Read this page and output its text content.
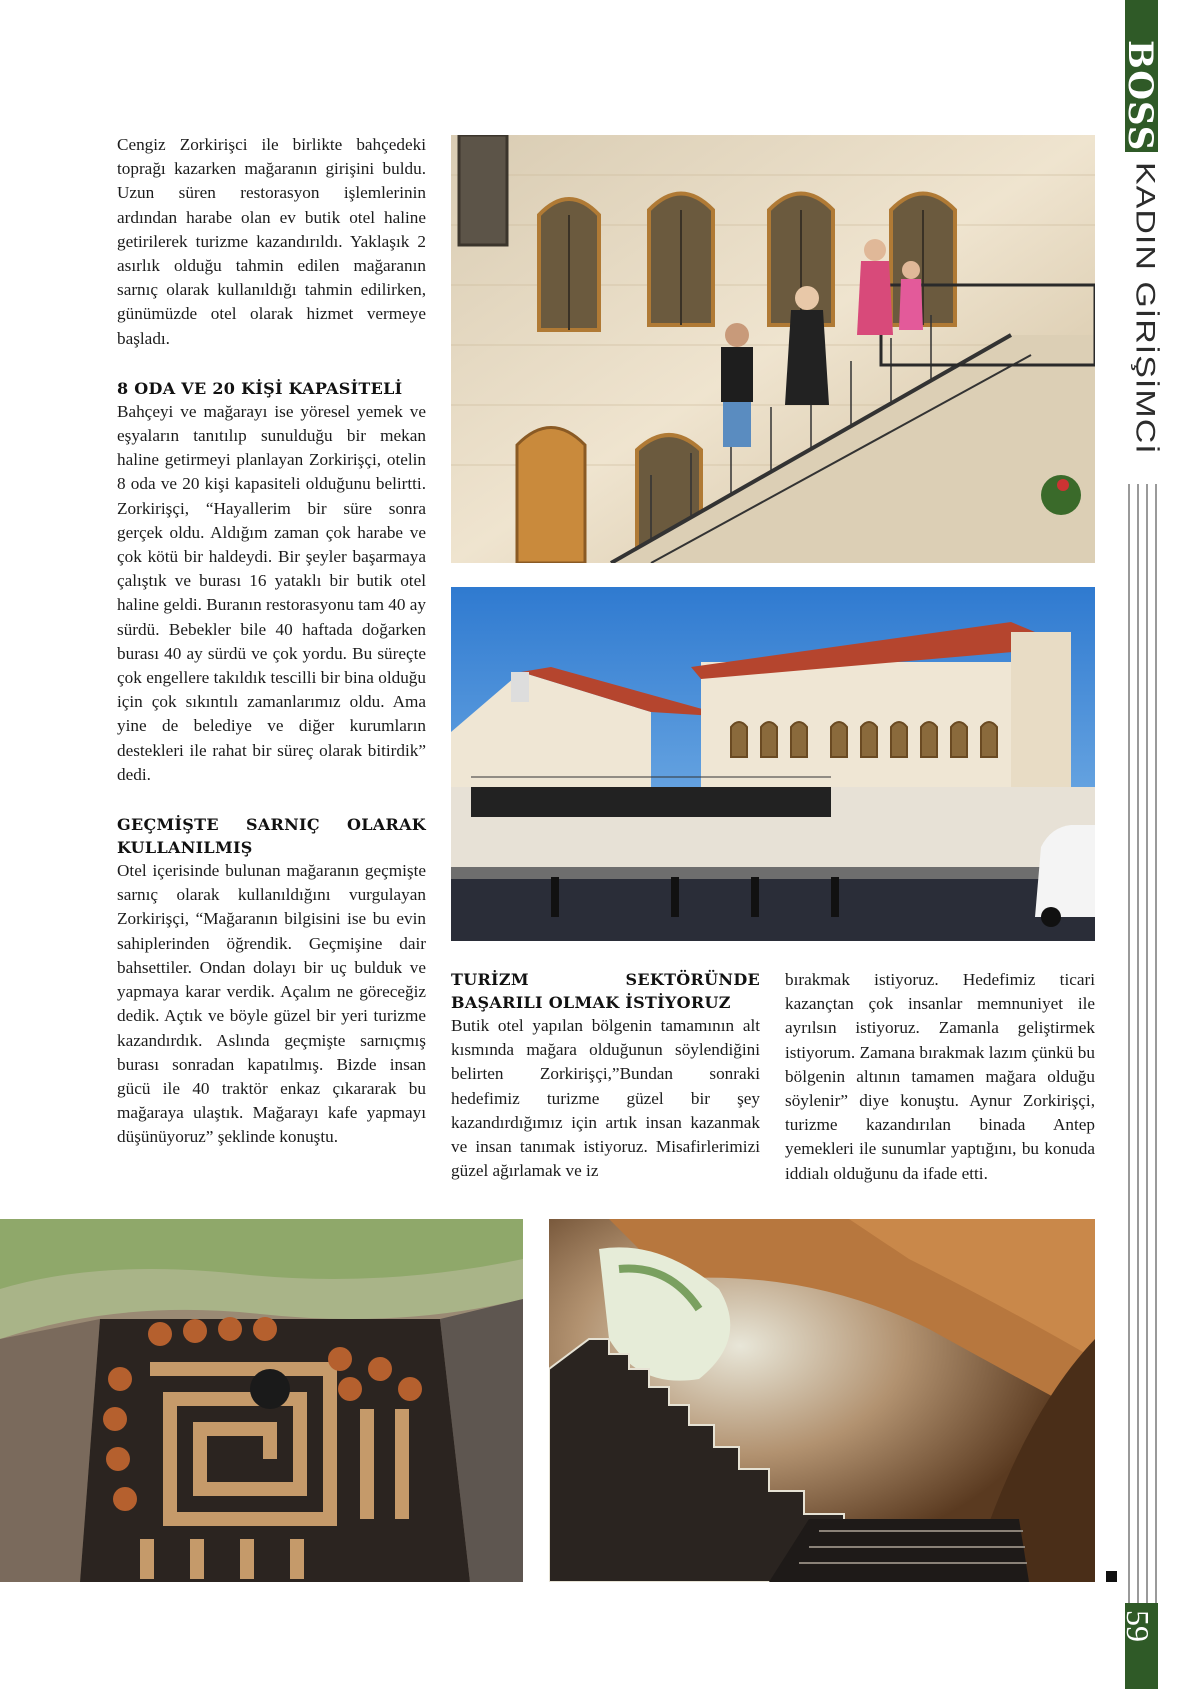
Cengiz Zorkirişci ile birlikte bahçedeki toprağı kazarken mağaranın girişini buldu. Uzun süren restorasyon işlemlerinin ardından harabe olan ev butik otel haline getirilerek turizme kazandırıldı. Yaklaşık 2 asırlık olduğu tahmin edilen mağaranın sarnıç olarak kullanıldığı tahmin edilirken, günümüzde otel olarak hizmet vermeye başladı.

8 ODA VE 20 KİŞİ KAPASİTELİ

Bahçeyi ve mağarayı ise yöresel yemek ve eşyaların tanıtılıp sunulduğu bir mekan haline getirmeyi planlayan Zorkirişçi, otelin 8 oda ve 20 kişi kapasiteli olduğunu belirtti. Zorkirişçi, “Hayallerim bir süre sonra gerçek oldu. Aldığım zaman çok harabe ve çok kötü bir haldeydi. Bir şeyler başarmaya çalıştık ve burası 16 yataklı bir butik otel haline geldi. Buranın restorasyonu tam 40 ay sürdü. Bebekler bile 40 haftada doğarken burası 40 ay sürdü ve çok yordu. Bu süreçte çok engellere takıldık tescilli bir bina olduğu için çok sıkıntılı zamanlarımız oldu. Ama yine de belediye ve diğer kurumların destekleri ile rahat bir süreç olarak bitirdik” dedi.

GEÇMİŞTE SARNIÇ OLARAK KULLANILMIŞ

Otel içerisinde bulunan mağaranın geçmişte sarnıç olarak kullanıldığını vurgulayan Zorkirişçi, “Mağaranın bilgisini ise bu evin sahiplerinden öğrendik. Geçmişine dair bahsettiler. Ondan dolayı bir uç bulduk ve yapmaya karar verdik. Açalım ne göreceğiz dedik. Açtık ve böyle güzel bir yeri turizme kazandırdık. Aslında geçmişte sarnıçmış burası sonradan kapatılmış. Bizde insan gücü ile 40 traktör enkaz çıkararak bu mağaraya ulaştık. Mağarayı kafe yapmayı düşünüyoruz” şeklinde konuştu.

TURİZM SEKTÖRÜNDE BAŞARILI OLMAK İSTİYORUZ

Butik otel yapılan bölgenin tamamının alt kısmında mağara olduğunun söylendiğini belirten Zorkirişçi,”Bundan sonraki hedefimiz turizme güzel bir şey kazandırdığımız için artık insan kazanmak ve insan tanımak istiyoruz. Misafirlerimizi güzel ağırlamak ve iz

bırakmak istiyoruz. Hedefimiz ticari kazançtan çok insanlar memnuniyet ile ayrılsın istiyoruz. Zamanla geliştirmek istiyorum. Zamana bırakmak lazım çünkü bu bölgenin altının tamamen mağara olduğu söylenir” diye konuştu. Aynur Zorkirişçi, turizme kazandırılan binada Antep yemekleri ile sunumlar yaptığını, bu konuda iddialı olduğunu da ifade etti.

BOSS
KADIN GİRİŞİMCİ
59
